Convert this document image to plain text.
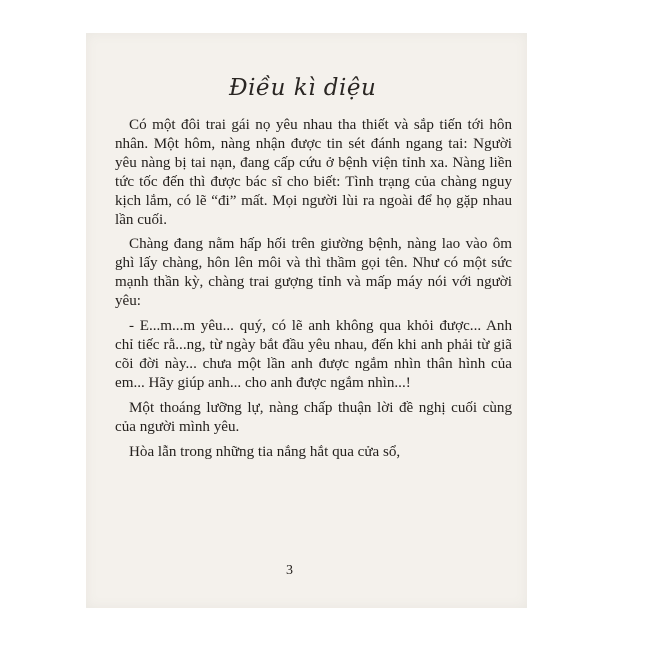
Điều kì diệu

Có một đôi trai gái nọ yêu nhau tha thiết và sắp tiến tới hôn nhân. Một hôm, nàng nhận được tin sét đánh ngang tai: Người yêu nàng bị tai nạn, đang cấp cứu ở bệnh viện tỉnh xa. Nàng liền tức tốc đến thì được bác sĩ cho biết: Tình trạng của chàng nguy kịch lắm, có lẽ “đi” mất. Mọi người lùi ra ngoài để họ gặp nhau lần cuối.

Chàng đang nằm hấp hối trên giường bệnh, nàng lao vào ôm ghì lấy chàng, hôn lên môi và thì thầm gọi tên. Như có một sức mạnh thần kỳ, chàng trai gượng tỉnh và mấp máy nói với người yêu:

- E...m...m yêu... quý, có lẽ anh không qua khỏi được... Anh chỉ tiếc rằ...ng, từ ngày bắt đầu yêu nhau, đến khi anh phải từ giã cõi đời này... chưa một lần anh được ngắm nhìn thân hình của em... Hãy giúp anh... cho anh được ngắm nhìn...!

Một thoáng lưỡng lự, nàng chấp thuận lời đề nghị cuối cùng của người mình yêu.

Hòa lẫn trong những tia nắng hắt qua cửa sổ,

3
